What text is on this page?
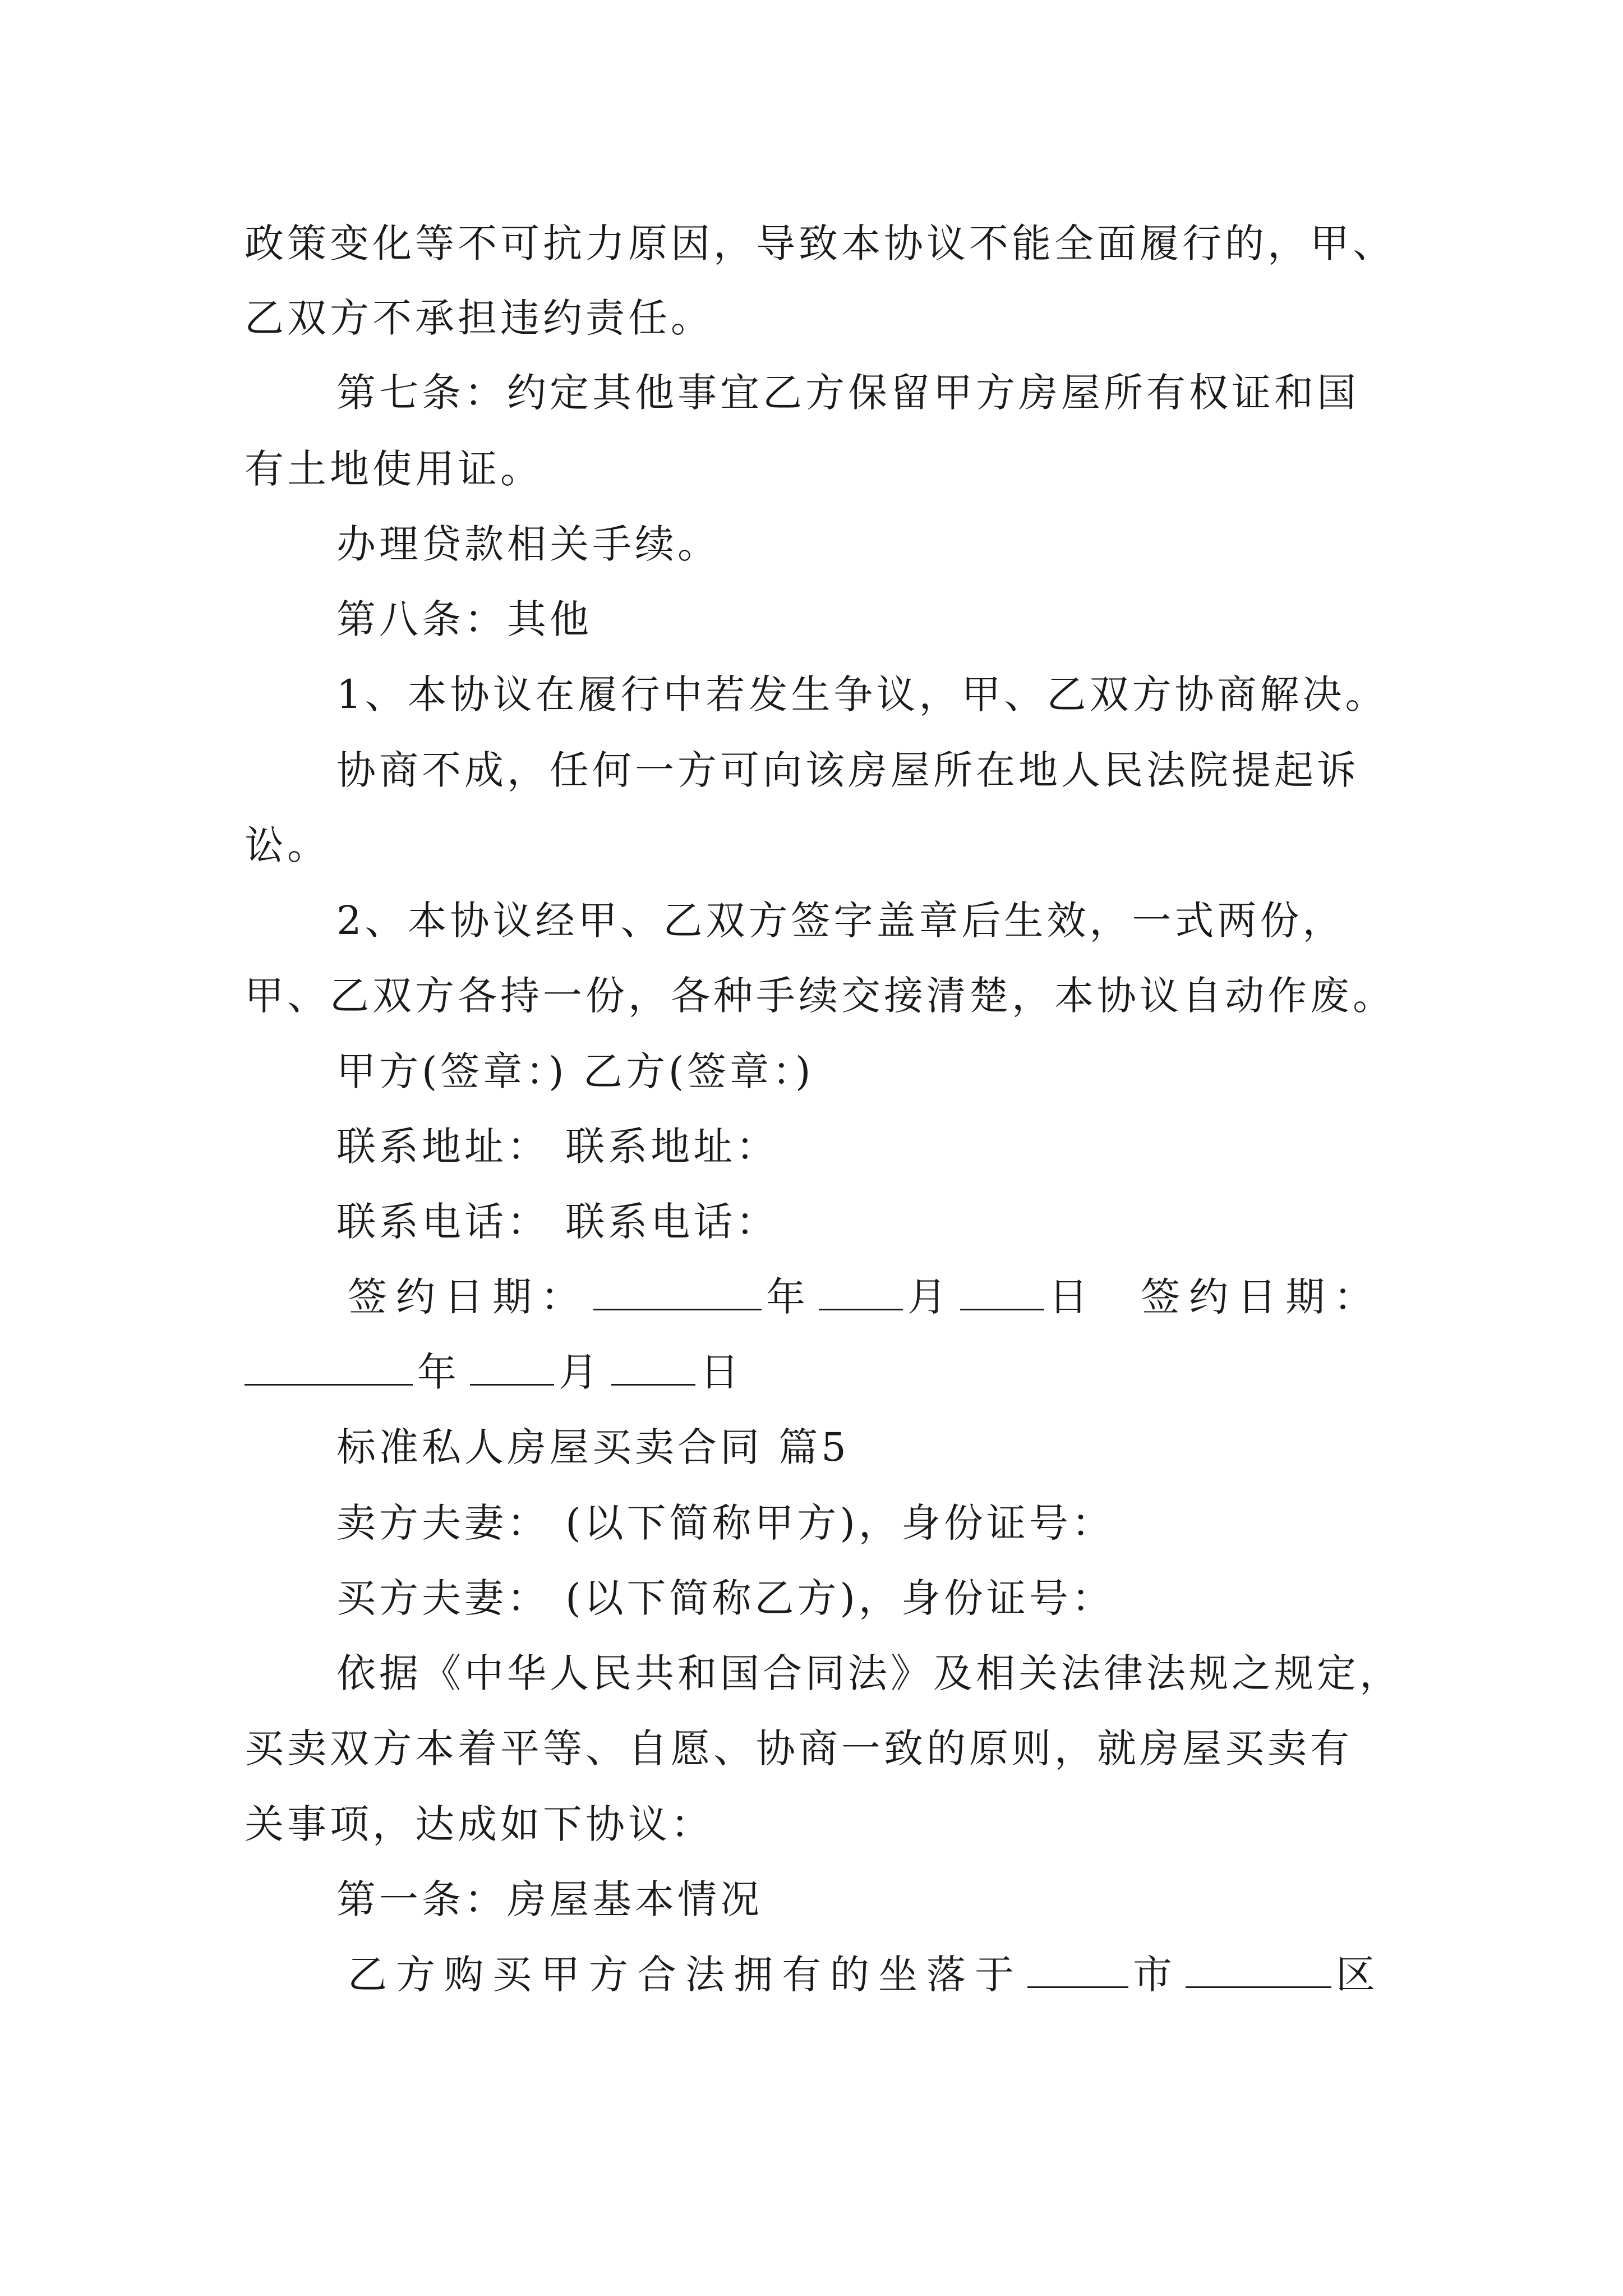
政策变化等不可抗力原因，导致本协议不能全面履行的，甲、
乙双方不承担违约责任。
第七条：约定其他事宜乙方保留甲方房屋所有权证和国
有土地使用证。
办理贷款相关手续。
第八条：其他
1、本协议在履行中若发生争议，甲、乙双方协商解决。
协商不成，任何一方可向该房屋所在地人民法院提起诉
讼。
2、本协议经甲、乙双方签字盖章后生效，一式两份，
甲、乙双方各持一份，各种手续交接清楚，本协议自动作废。
甲方(签章：) 乙方(签章：)
联系地址： 联系地址：
联系电话： 联系电话：
签约日期：	年 月 日 签约日期：
年 月 日
标准私人房屋买卖合同 篇5
卖方夫妻： (以下简称甲方)，身份证号：
买方夫妻： (以下简称乙方)，身份证号：
依据《中华人民共和国合同法》及相关法律法规之规定，
买卖双方本着平等、自愿、协商一致的原则，就房屋买卖有
关事项，达成如下协议：
第一条：房屋基本情况
乙方购买甲方合法拥有的坐落于	市	区
